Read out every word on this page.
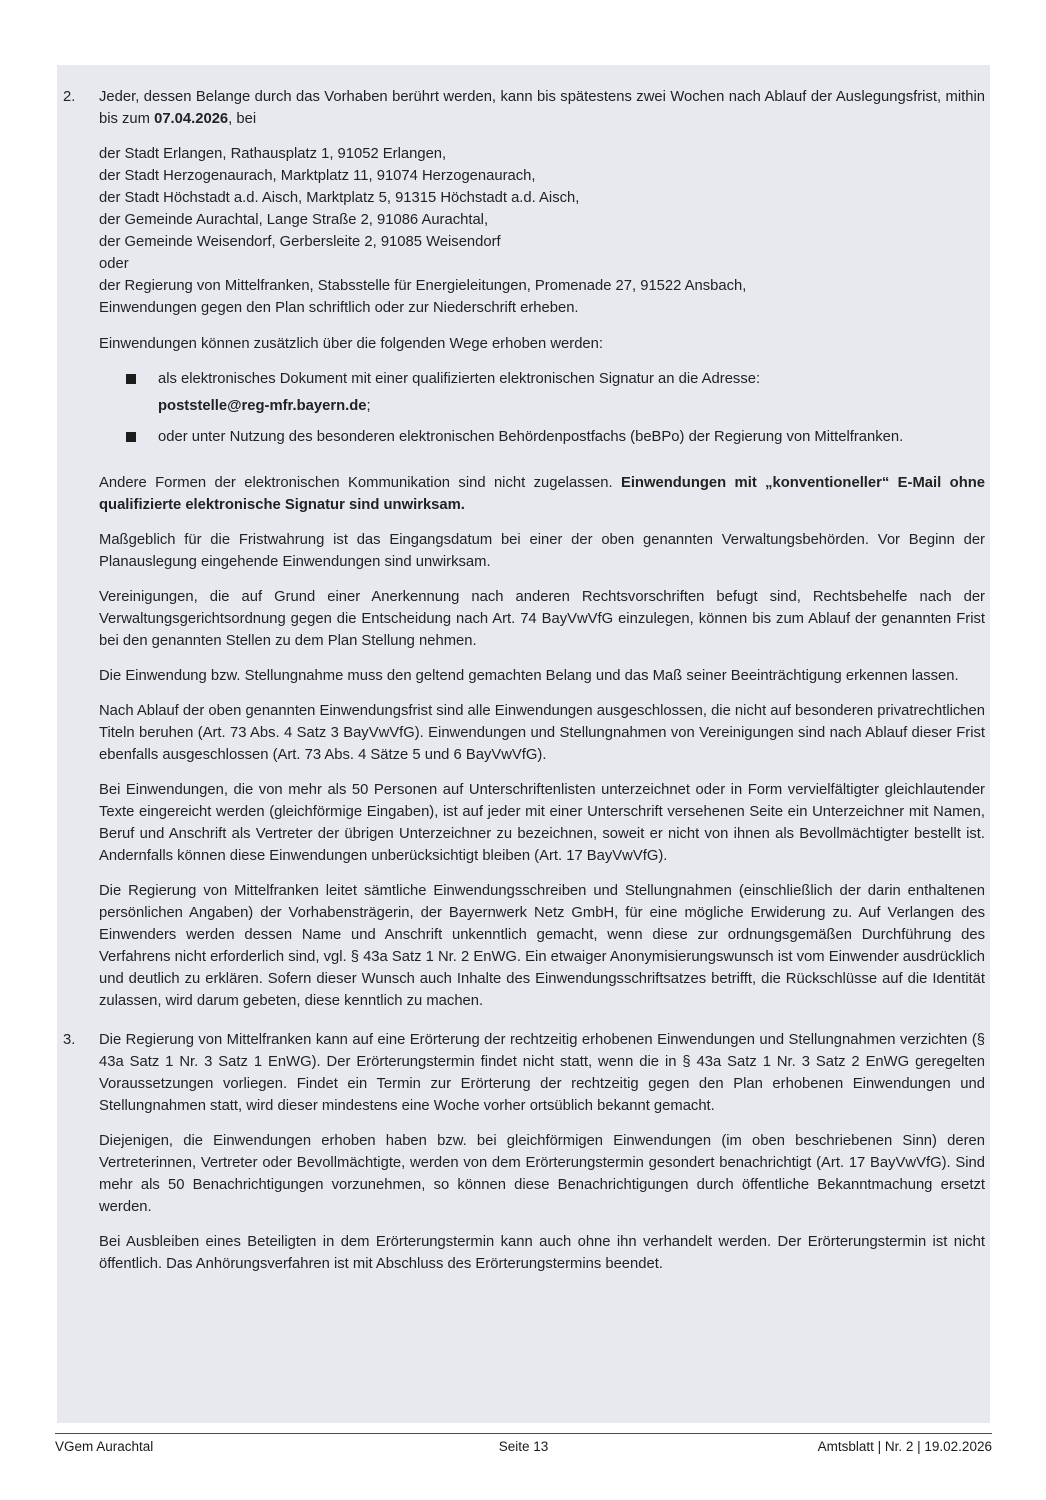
2.	Jeder, dessen Belange durch das Vorhaben berührt werden, kann bis spätestens zwei Wochen nach Ablauf der Auslegungsfrist, mithin bis zum 07.04.2026, bei

der Stadt Erlangen, Rathausplatz 1, 91052 Erlangen,
der Stadt Herzogenaurach, Marktplatz 11, 91074 Herzogenaurach,
der Stadt Höchstadt a.d. Aisch, Marktplatz 5, 91315 Höchstadt a.d. Aisch,
der Gemeinde Aurachtal, Lange Straße 2, 91086 Aurachtal,
der Gemeinde Weisendorf, Gerbersleite 2, 91085 Weisendorf
oder
der Regierung von Mittelfranken, Stabsstelle für Energieleitungen, Promenade 27, 91522 Ansbach,
Einwendungen gegen den Plan schriftlich oder zur Niederschrift erheben.

Einwendungen können zusätzlich über die folgenden Wege erhoben werden:

als elektronisches Dokument mit einer qualifizierten elektronischen Signatur an die Adresse:

poststelle@reg-mfr.bayern.de;

oder unter Nutzung des besonderen elektronischen Behördenpostfachs (beBPo) der Regierung von Mittelfranken.

Andere Formen der elektronischen Kommunikation sind nicht zugelassen. Einwendungen mit „konventioneller“ E-Mail ohne qualifizierte elektronische Signatur sind unwirksam.

Maßgeblich für die Fristwahrung ist das Eingangsdatum bei einer der oben genannten Verwaltungsbehörden. Vor Beginn der Planauslegung eingehende Einwendungen sind unwirksam.

Vereinigungen, die auf Grund einer Anerkennung nach anderen Rechtsvorschriften befugt sind, Rechtsbehelfe nach der Verwaltungsgerichtsordnung gegen die Entscheidung nach Art. 74 BayVwVfG einzulegen, können bis zum Ablauf der genannten Frist bei den genannten Stellen zu dem Plan Stellung nehmen.

Die Einwendung bzw. Stellungnahme muss den geltend gemachten Belang und das Maß seiner Beeinträchtigung erkennen lassen.

Nach Ablauf der oben genannten Einwendungsfrist sind alle Einwendungen ausgeschlossen, die nicht auf besonderen privatrechtlichen Titeln beruhen (Art. 73 Abs. 4 Satz 3 BayVwVfG). Einwendungen und Stellungnahmen von Vereinigungen sind nach Ablauf dieser Frist ebenfalls ausgeschlossen (Art. 73 Abs. 4 Sätze 5 und 6 BayVwVfG).

Bei Einwendungen, die von mehr als 50 Personen auf Unterschriftenlisten unterzeichnet oder in Form vervielfältigter gleichlautender Texte eingereicht werden (gleichförmige Eingaben), ist auf jeder mit einer Unterschrift versehenen Seite ein Unterzeichner mit Namen, Beruf und Anschrift als Vertreter der übrigen Unterzeichner zu bezeichnen, soweit er nicht von ihnen als Bevollmächtigter bestellt ist. Andernfalls können diese Einwendungen unberücksichtigt bleiben (Art. 17 BayVwVfG).

Die Regierung von Mittelfranken leitet sämtliche Einwendungsschreiben und Stellungnahmen (einschließlich der darin enthaltenen persönlichen Angaben) der Vorhabensträgerin, der Bayernwerk Netz GmbH, für eine mögliche Erwiderung zu. Auf Verlangen des Einwenders werden dessen Name und Anschrift unkenntlich gemacht, wenn diese zur ordnungsgemäßen Durchführung des Verfahrens nicht erforderlich sind, vgl. § 43a Satz 1 Nr. 2 EnWG. Ein etwaiger Anonymisierungswunsch ist vom Einwender ausdrücklich und deutlich zu erklären. Sofern dieser Wunsch auch Inhalte des Einwendungsschriftsatzes betrifft, die Rückschlüsse auf die Identität zulassen, wird darum gebeten, diese kenntlich zu machen.

3.	Die Regierung von Mittelfranken kann auf eine Erörterung der rechtzeitig erhobenen Einwendungen und Stellungnahmen verzichten (§ 43a Satz 1 Nr. 3 Satz 1 EnWG). Der Erörterungstermin findet nicht statt, wenn die in § 43a Satz 1 Nr. 3 Satz 2 EnWG geregelten Voraussetzungen vorliegen. Findet ein Termin zur Erörterung der rechtzeitig gegen den Plan erhobenen Einwendungen und Stellungnahmen statt, wird dieser mindestens eine Woche vorher ortsüblich bekannt gemacht.

Diejenigen, die Einwendungen erhoben haben bzw. bei gleichförmigen Einwendungen (im oben beschriebenen Sinn) deren Vertreterinnen, Vertreter oder Bevollmächtigte, werden von dem Erörterungstermin gesondert benachrichtigt (Art. 17 BayVwVfG). Sind mehr als 50 Benachrichtigungen vorzunehmen, so können diese Benachrichtigungen durch öffentliche Bekanntmachung ersetzt werden.

Bei Ausbleiben eines Beteiligten in dem Erörterungstermin kann auch ohne ihn verhandelt werden. Der Erörterungstermin ist nicht öffentlich. Das Anhörungsverfahren ist mit Abschluss des Erörterungstermins beendet.

VGem Aurachtal	Seite 13	Amtsblatt | Nr. 2 | 19.02.2026
